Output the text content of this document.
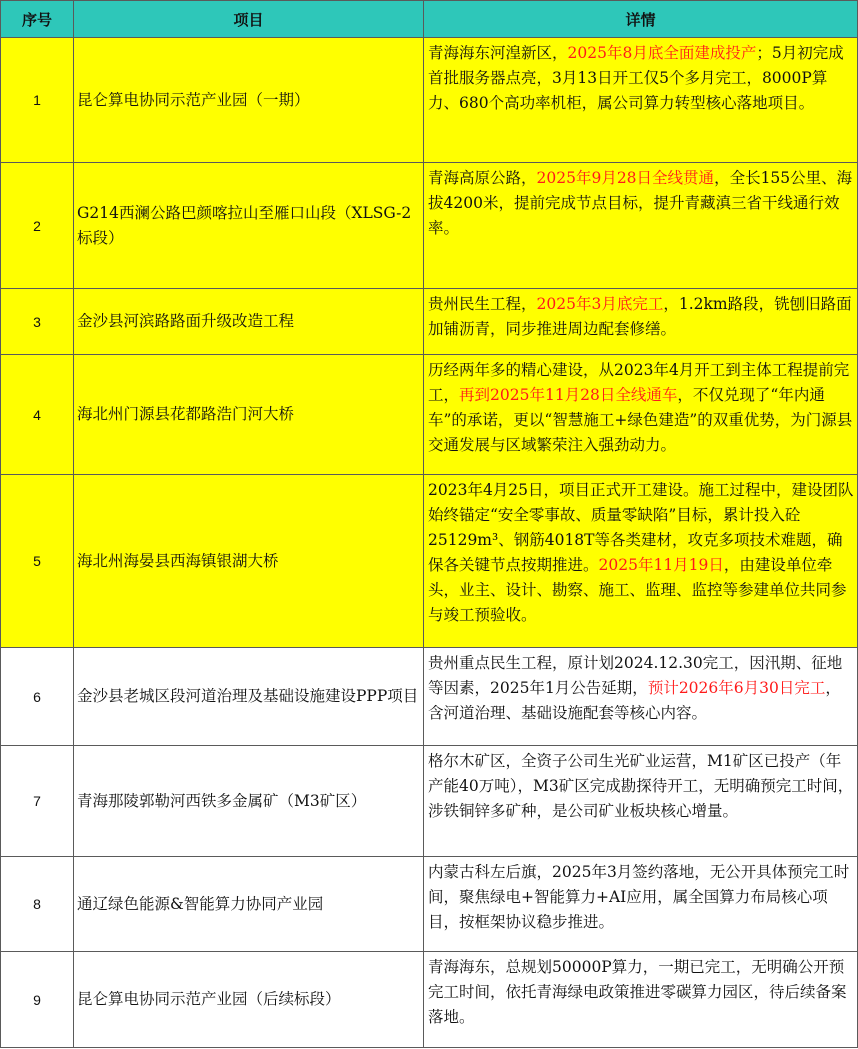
序号	项目	详情
1	昆仑算电协同示范产业园（一期）	青海海东河湟新区，2025年8月底全面建成投产；5月初完成首批服务器点亮，3月13日开工仅5个多月完工，8000P算力、680个高功率机柜，属公司算力转型核心落地项目。
2	G214西澜公路巴颜喀拉山至雁口山段（XLSG-2标段）	青海高原公路，2025年9月28日全线贯通，全长155公里、海拔4200米，提前完成节点目标，提升青藏滇三省干线通行效率。
3	金沙县河滨路路面升级改造工程	贵州民生工程，2025年3月底完工，1.2km路段，铣刨旧路面加铺沥青，同步推进周边配套修缮。
4	海北州门源县花都路浩门河大桥	历经两年多的精心建设，从2023年4月开工到主体工程提前完工，再到2025年11月28日全线通车，不仅兑现了“年内通车”的承诺，更以“智慧施工+绿色建造”的双重优势，为门源县交通发展与区域繁荣注入强劲动力。
5	海北州海晏县西海镇银湖大桥	2023年4月25日，项目正式开工建设。施工过程中，建设团队始终锚定“安全零事故、质量零缺陷”目标，累计投入砼25129m³、钢筋4018T等各类建材，攻克多项技术难题，确保各关键节点按期推进。2025年11月19日，由建设单位牵头，业主、设计、勘察、施工、监理、监控等参建单位共同参与竣工预验收。
6	金沙县老城区段河道治理及基础设施建设PPP项目	贵州重点民生工程，原计划2024.12.30完工，因汛期、征地等因素，2025年1月公告延期，预计2026年6月30日完工，含河道治理、基础设施配套等核心内容。
7	青海那陵郭勒河西铁多金属矿（M3矿区）	格尔木矿区，全资子公司生光矿业运营，M1矿区已投产（年产能40万吨），M3矿区完成勘探待开工，无明确预完工时间，涉铁铜锌多矿种，是公司矿业板块核心增量。
8	通辽绿色能源&智能算力协同产业园	内蒙古科左后旗，2025年3月签约落地，无公开具体预完工时间，聚焦绿电+智能算力+AI应用，属全国算力布局核心项目，按框架协议稳步推进。
9	昆仑算电协同示范产业园（后续标段）	青海海东，总规划50000P算力，一期已完工，无明确公开预完工时间，依托青海绿电政策推进零碳算力园区，待后续备案落地。
